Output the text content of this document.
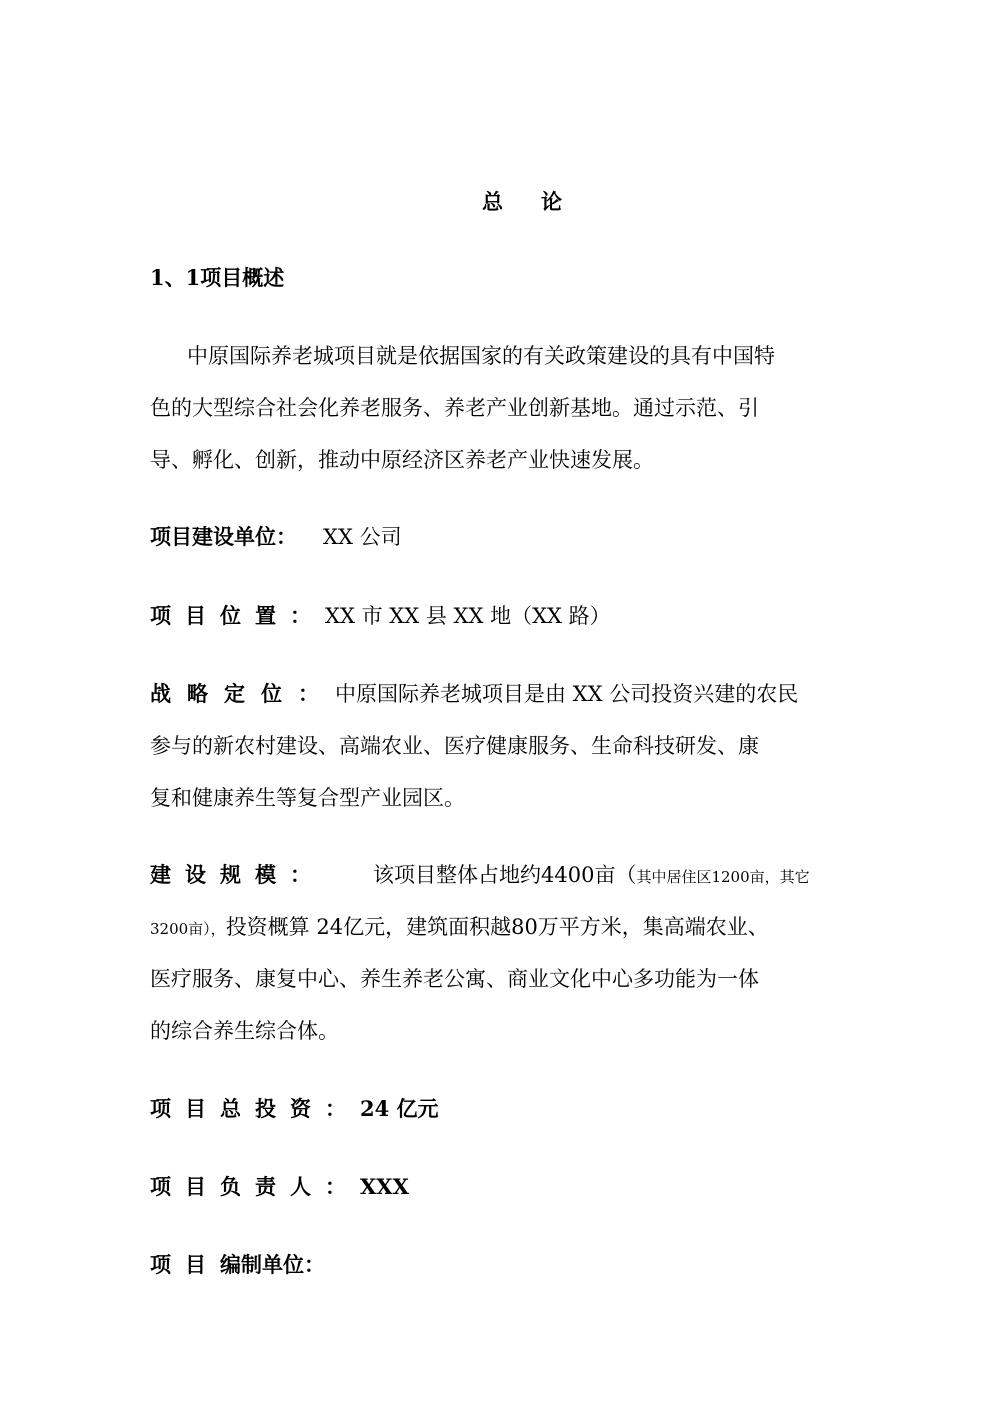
总论
1、1项目概述
中原国际养老城项目就是依据国家的有关政策建设的具有中国特
色的大型综合社会化养老服务、养老产业创新基地。通过示范、引
导、孵化、创新，推动中原经济区养老产业快速发展。
项目建设单位： XX 公司
项目位置：XX 市 XX 县 XX 地（XX 路）
战略定位：中原国际养老城项目是由 XX 公司投资兴建的农民
参与的新农村建设、高端农业、医疗健康服务、生命科技研发、康
复和健康养生等复合型产业园区。
建设规模： 该项目整体占地约4400亩（其中居住区1200亩，其它
3200亩），投资概算 24亿元，建筑面积越80万平方米，集高端农业、
医疗服务、康复中心、养生养老公寓、商业文化中心多功能为一体
的综合养生综合体。
项目总投资：24 亿元
项目负责人：XXX
项目编制单位：
